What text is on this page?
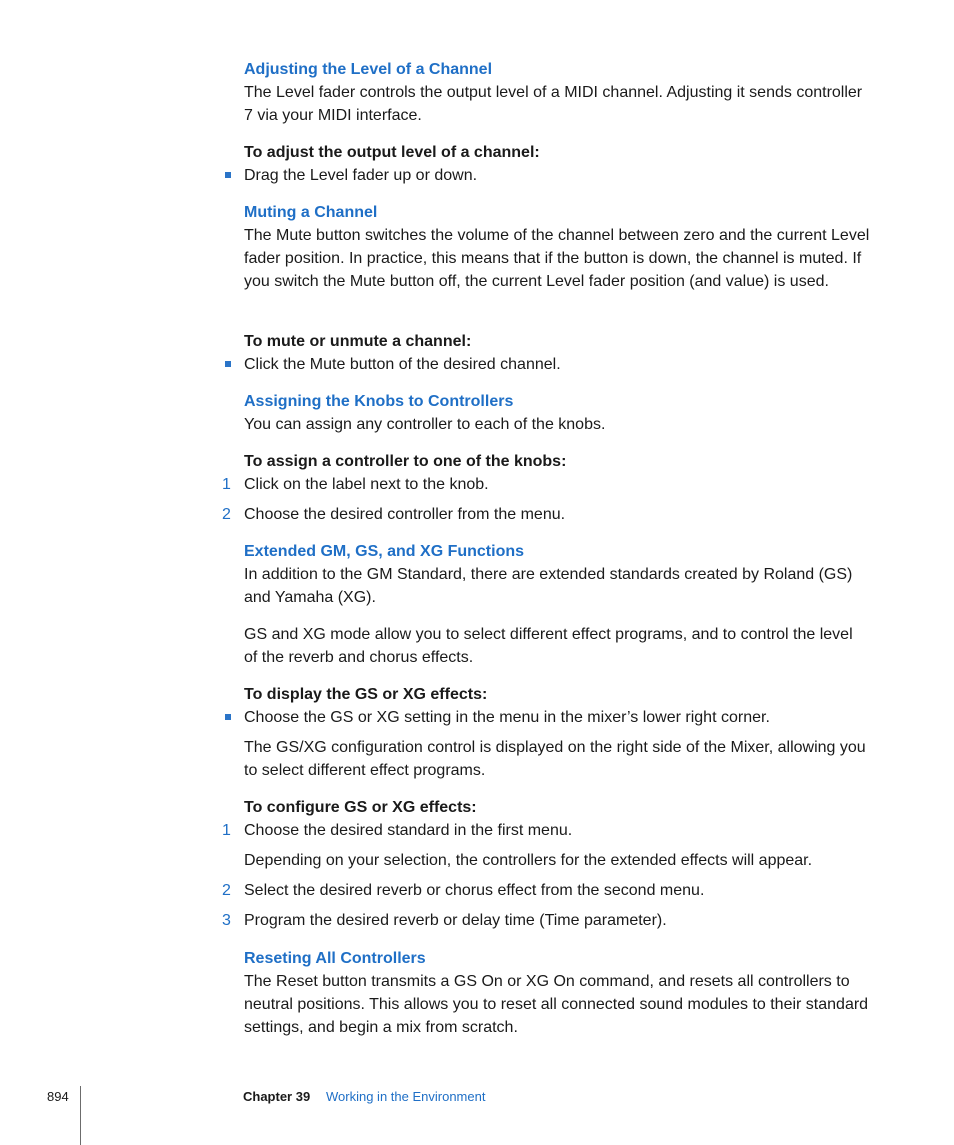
Adjusting the Level of a Channel

The Level fader controls the output level of a MIDI channel. Adjusting it sends controller 7 via your MIDI interface.

To adjust the output level of a channel:

Drag the Level fader up or down.

Muting a Channel

The Mute button switches the volume of the channel between zero and the current Level fader position. In practice, this means that if the button is down, the channel is muted. If you switch the Mute button off, the current Level fader position (and value) is used.

To mute or unmute a channel:

Click the Mute button of the desired channel.

Assigning the Knobs to Controllers

You can assign any controller to each of the knobs.

To assign a controller to one of the knobs:

1 Click on the label next to the knob.

2 Choose the desired controller from the menu.

Extended GM, GS, and XG Functions

In addition to the GM Standard, there are extended standards created by Roland (GS) and Yamaha (XG).

GS and XG mode allow you to select different effect programs, and to control the level of the reverb and chorus effects.

To display the GS or XG effects:

Choose the GS or XG setting in the menu in the mixer’s lower right corner.

The GS/XG configuration control is displayed on the right side of the Mixer, allowing you to select different effect programs.

To configure GS or XG effects:

1 Choose the desired standard in the first menu.

Depending on your selection, the controllers for the extended effects will appear.

2 Select the desired reverb or chorus effect from the second menu.

3 Program the desired reverb or delay time (Time parameter).

Reseting All Controllers

The Reset button transmits a GS On or XG On command, and resets all controllers to neutral positions. This allows you to reset all connected sound modules to their standard settings, and begin a mix from scratch.

894	Chapter 39 Working in the Environment
